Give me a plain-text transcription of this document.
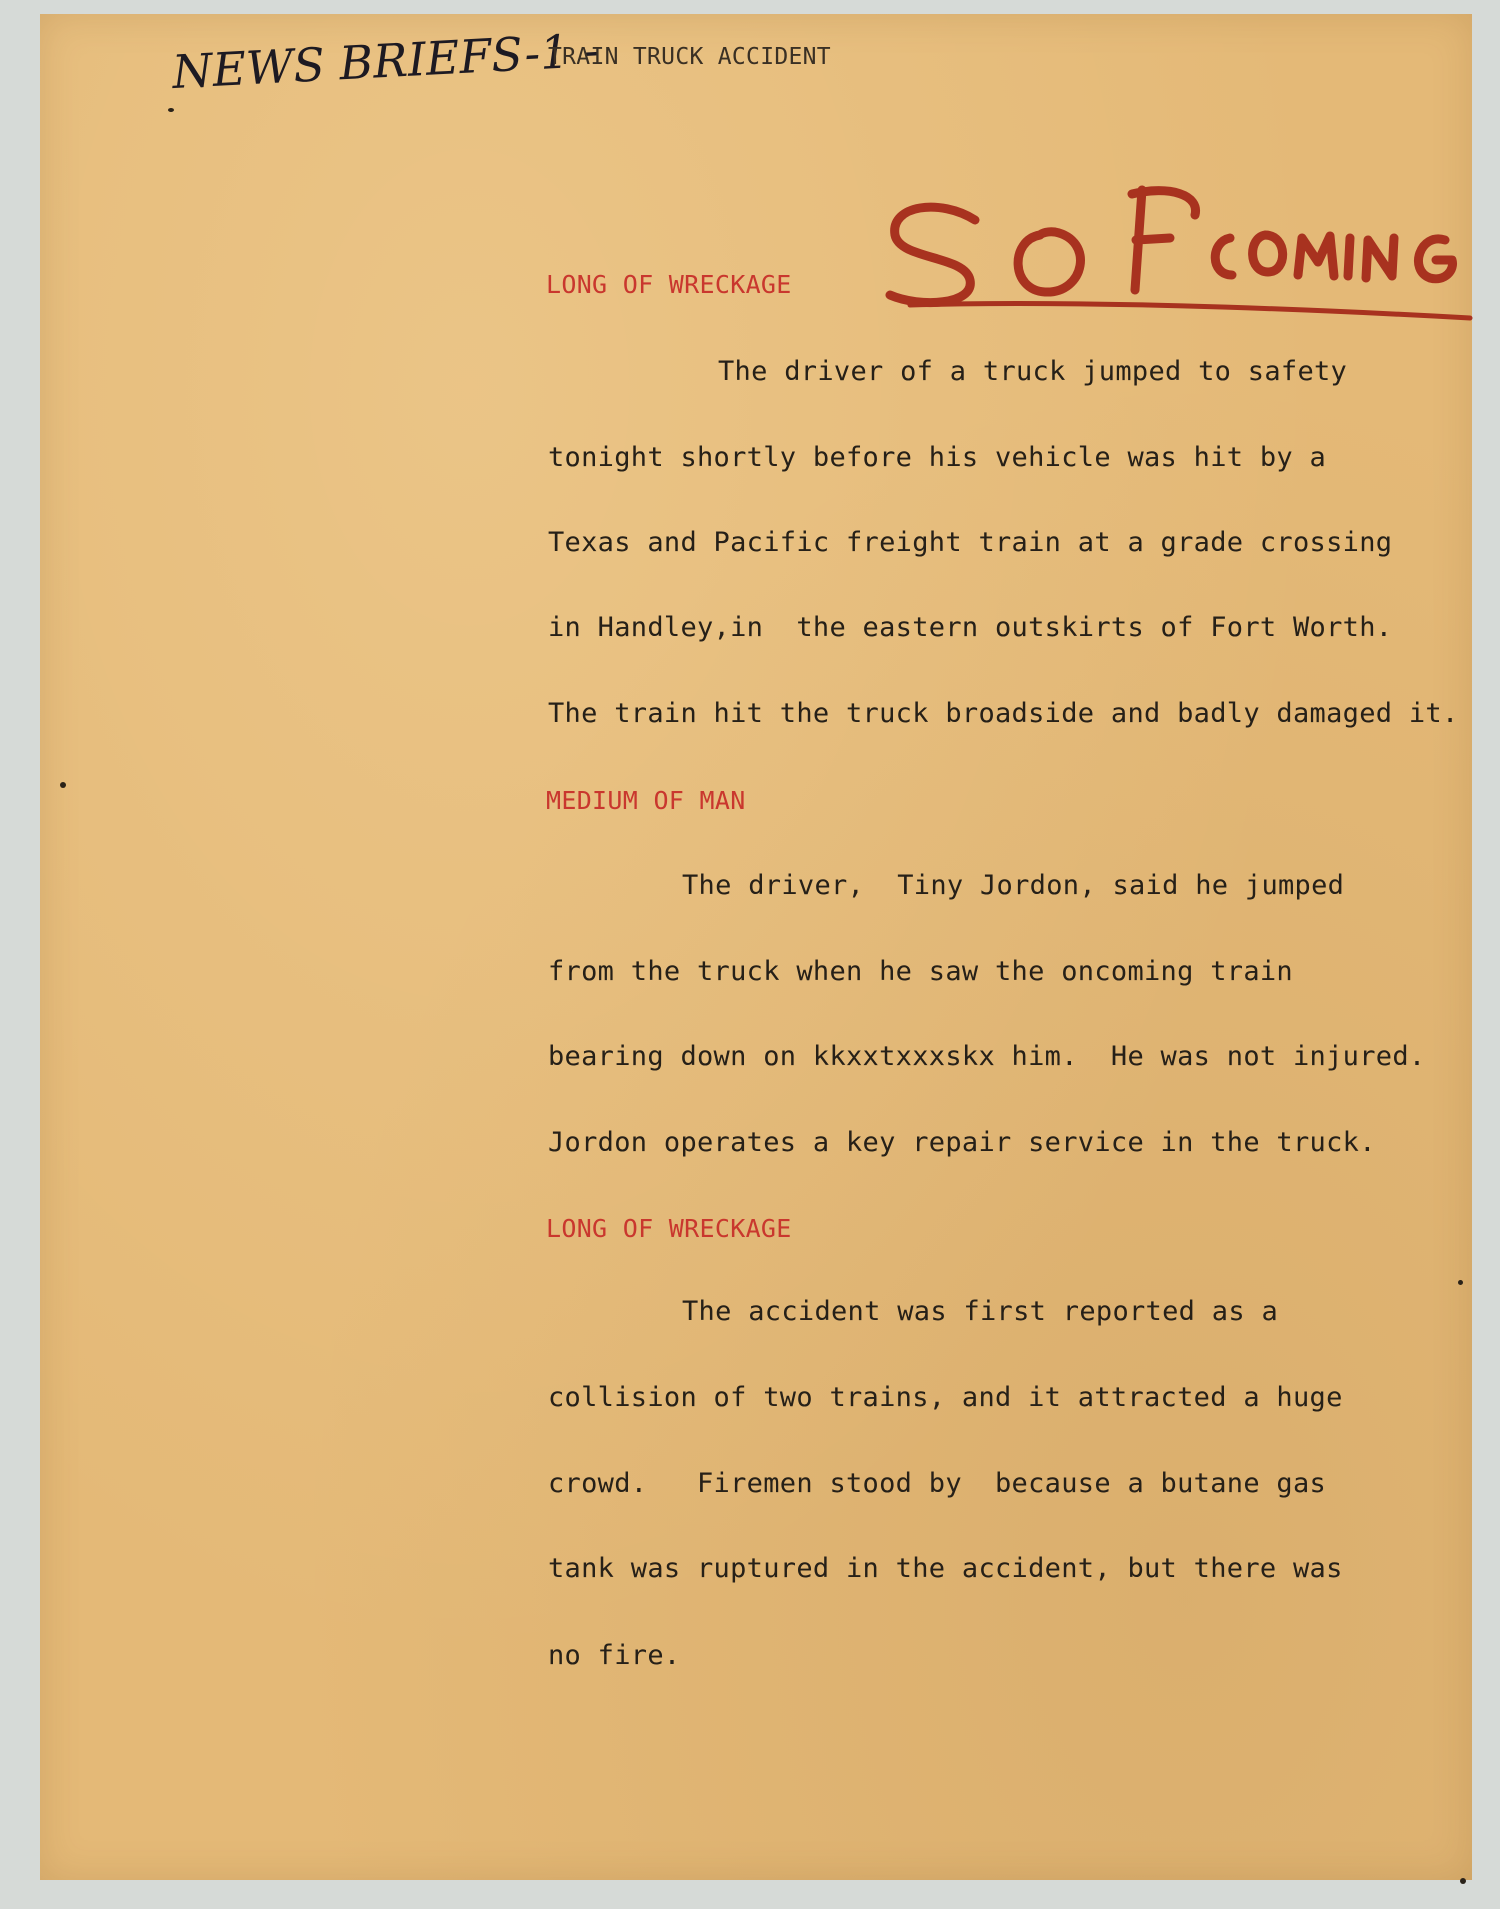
NEWS BRIEFS-1 -
TRAIN TRUCK ACCIDENT
LONG OF WRECKAGE
The driver of a truck jumped to safety
tonight shortly before his vehicle was hit by a
Texas and Pacific freight train at a grade crossing
in Handley,in  the eastern outskirts of Fort Worth.
The train hit the truck broadside and badly damaged it.
MEDIUM OF MAN
The driver,  Tiny Jordon, said he jumped
from the truck when he saw the oncoming train
bearing down on kkxxtxxxskx him.  He was not injured.
Jordon operates a key repair service in the truck.
LONG OF WRECKAGE
The accident was first reported as a
collision of two trains, and it attracted a huge
crowd.   Firemen stood by  because a butane gas
tank was ruptured in the accident, but there was
no fire.
